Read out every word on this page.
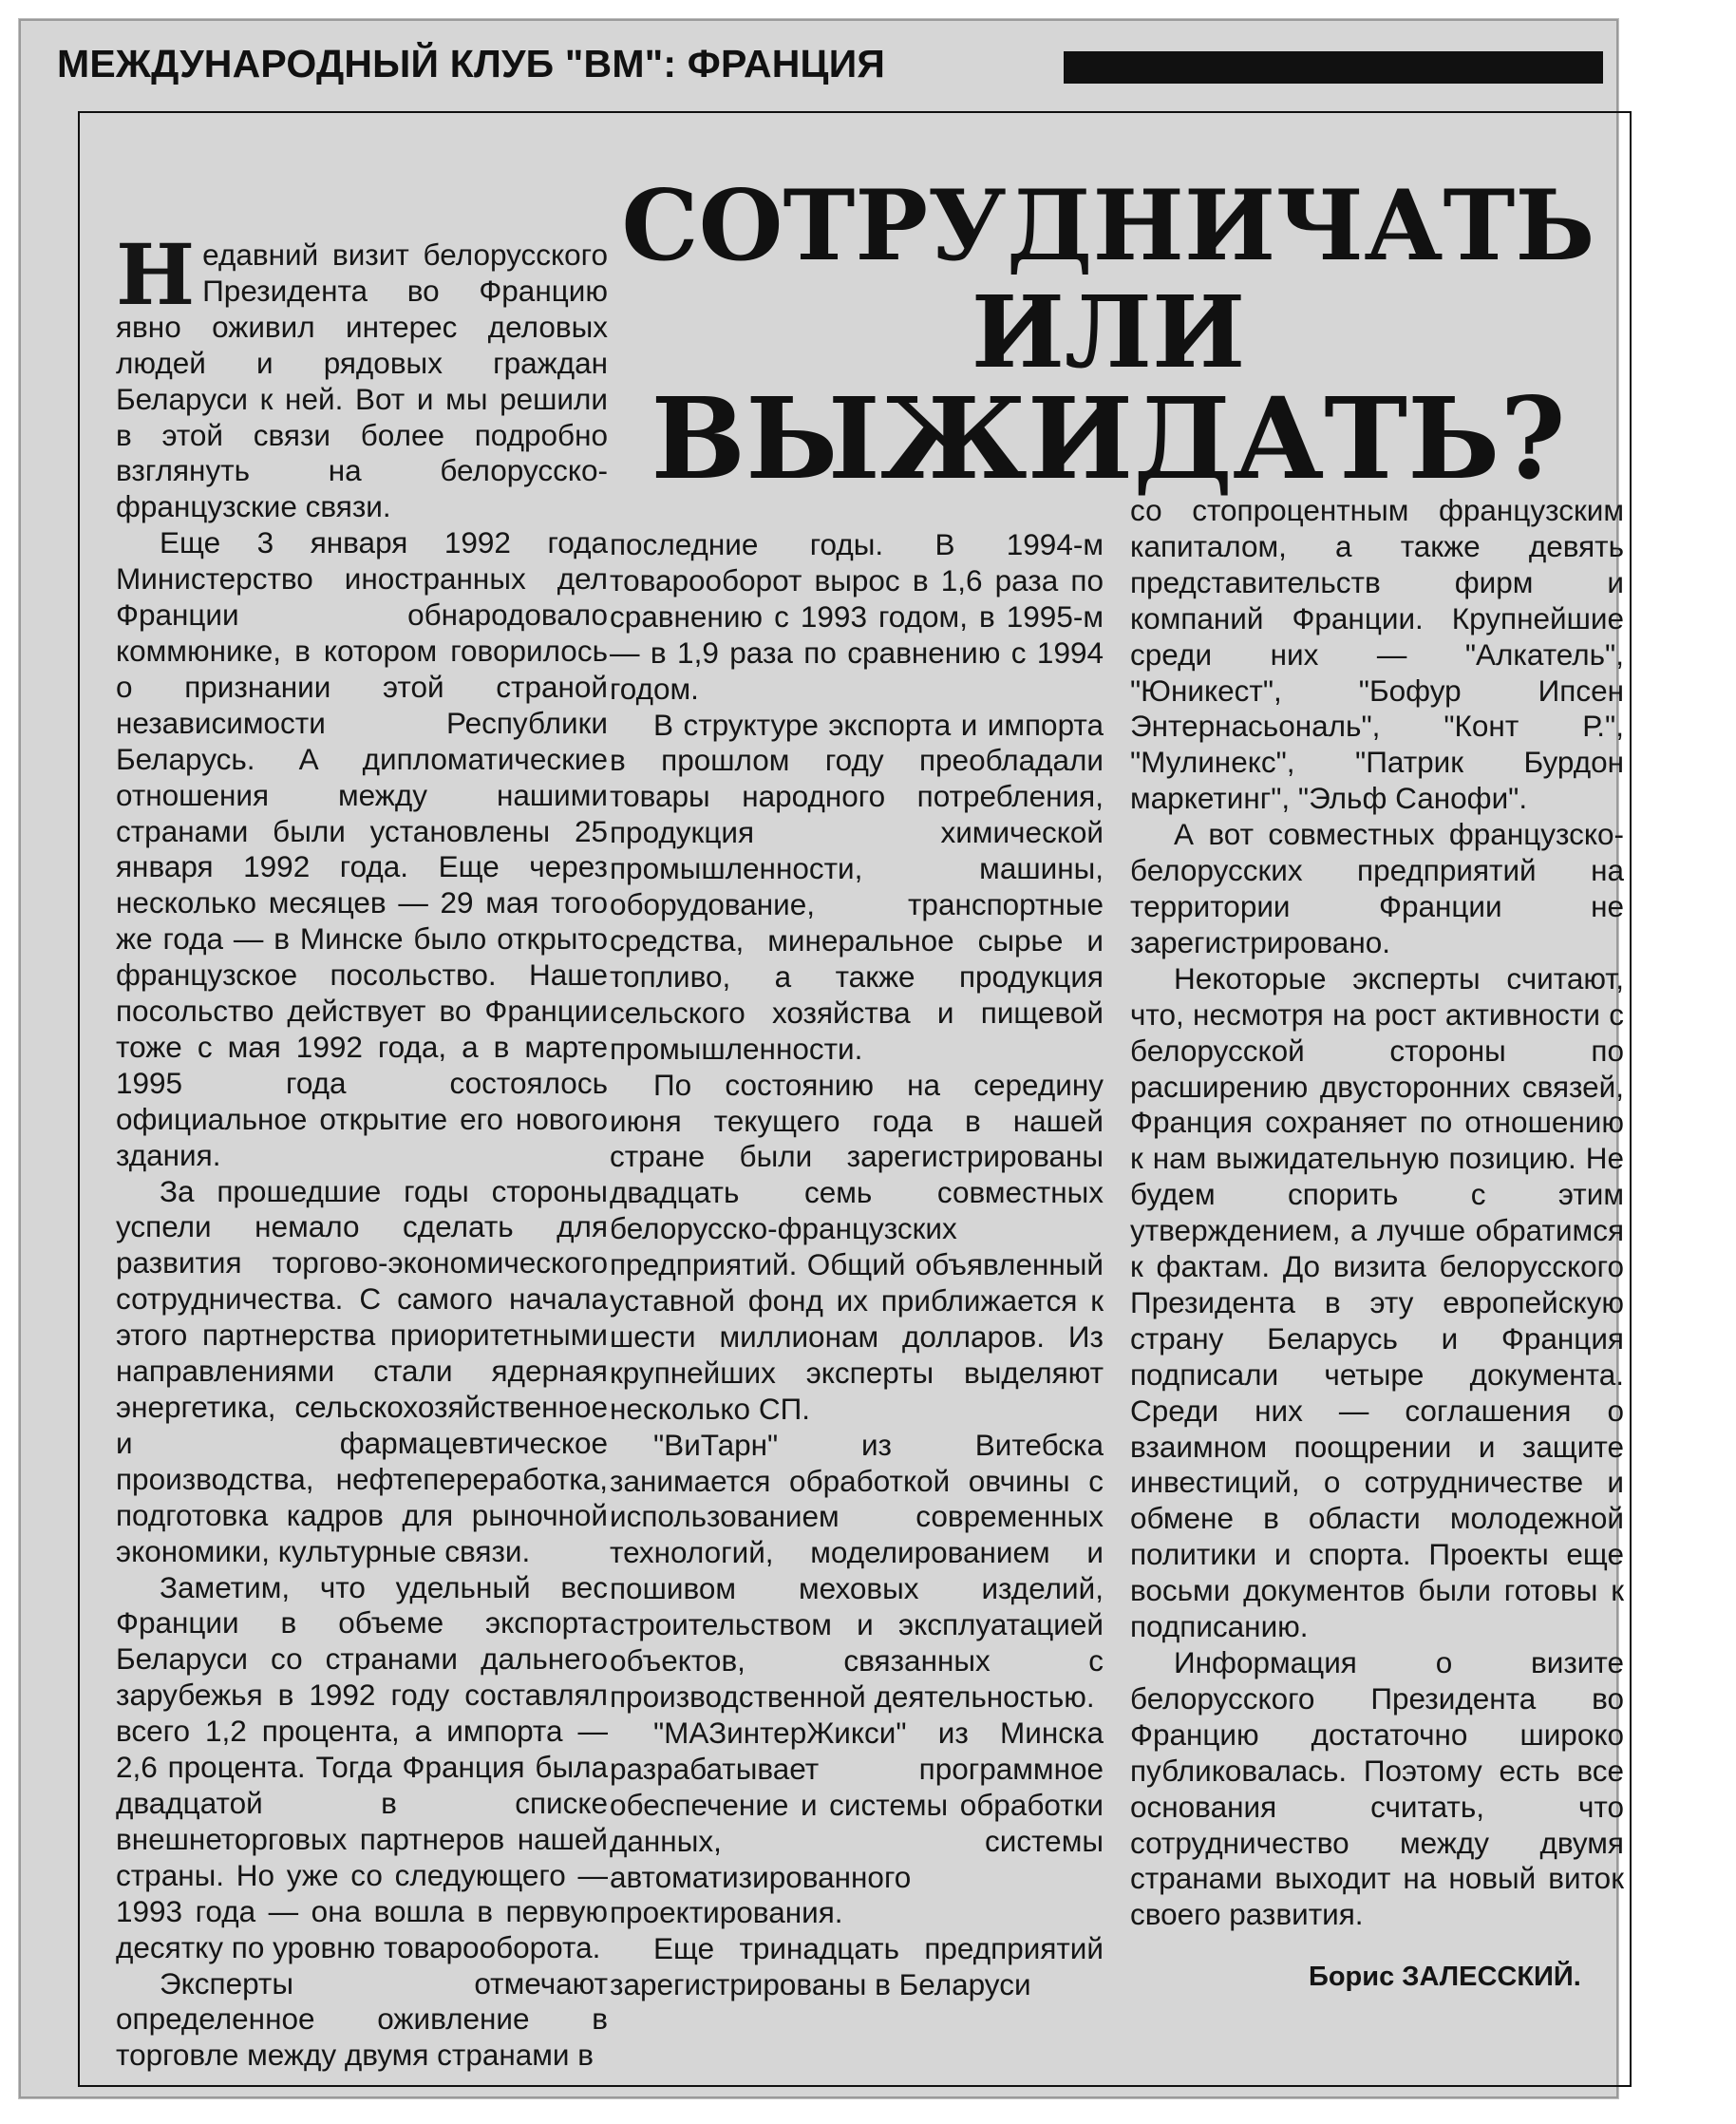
МЕЖДУНАРОДНЫЙ КЛУБ "ВМ": ФРАНЦИЯ
СОТРУДНИЧАТЬ
ИЛИ
ВЫЖИДАТЬ?

Недавний визит белорусского Президента во Францию явно оживил интерес деловых людей и рядовых граждан Беларуси к ней. Вот и мы решили в этой связи более подробно взглянуть на белорусско-французские связи.

Еще 3 января 1992 года Министерство иностранных дел Франции обнародовало коммюнике, в котором говорилось о признании этой страной независимости Республики Беларусь. А дипломатические отношения между нашими странами были установлены 25 января 1992 года. Еще через несколько месяцев — 29 мая того же года — в Минске было открыто французское посольство. Наше посольство действует во Франции тоже с мая 1992 года, а в марте 1995 года состоялось официальное открытие его нового здания.

За прошедшие годы стороны успели немало сделать для развития торгово-экономического сотрудничества. С самого начала этого партнерства приоритетными направлениями стали ядерная энергетика, сельскохозяйственное и фармацевтическое производства, нефтепереработка, подготовка кадров для рыночной экономики, культурные связи.

Заметим, что удельный вес Франции в объеме экспорта Беларуси со странами дальнего зарубежья в 1992 году составлял всего 1,2 процента, а импорта — 2,6 процента. Тогда Франция была двадцатой в списке внешнеторговых партнеров нашей страны. Но уже со следующего — 1993 года — она вошла в первую десятку по уровню товарооборота.

Эксперты отмечают определенное оживление в торговле между двумя странами в

последние годы. В 1994-м товарооборот вырос в 1,6 раза по сравнению с 1993 годом, в 1995-м — в 1,9 раза по сравнению с 1994 годом.

В структуре экспорта и импорта в прошлом году преобладали товары народного потребления, продукция химической промышленности, машины, оборудование, транспортные средства, минеральное сырье и топливо, а также продукция сельского хозяйства и пищевой промышленности.

По состоянию на середину июня текущего года в нашей стране были зарегистрированы двадцать семь совместных белорусско-французских предприятий. Общий объявленный уставной фонд их приближается к шести миллионам долларов. Из крупнейших эксперты выделяют несколько СП.

"ВиТарн" из Витебска занимается обработкой овчины с использованием современных технологий, моделированием и пошивом меховых изделий, строительством и эксплуатацией объектов, связанных с производственной деятельностью.

"МАЗинтерЖикси" из Минска разрабатывает программное обеспечение и системы обработки данных, системы автоматизированного проектирования.

Еще тринадцать предприятий зарегистрированы в Беларуси

со стопроцентным французским капиталом, а также девять представительств фирм и компаний Франции. Крупнейшие среди них — "Алкатель", "Юникест", "Бофур Ипсен Энтернасьональ", "Конт Р.", "Мулинекс", "Патрик Бурдон маркетинг", "Эльф Санофи".

А вот совместных французско-белорусских предприятий на территории Франции не зарегистрировано.

Некоторые эксперты считают, что, несмотря на рост активности с белорусской стороны по расширению двусторонних связей, Франция сохраняет по отношению к нам выжидательную позицию. Не будем спорить с этим утверждением, а лучше обратимся к фактам. До визита белорусского Президента в эту европейскую страну Беларусь и Франция подписали четыре документа. Среди них — соглашения о взаимном поощрении и защите инвестиций, о сотрудничестве и обмене в области молодежной политики и спорта. Проекты еще восьми документов были готовы к подписанию.

Информация о визите белорусского Президента во Францию достаточно широко публиковалась. Поэтому есть все основания считать, что сотрудничество между двумя странами выходит на новый виток своего развития.

Борис ЗАЛЕССКИЙ.
